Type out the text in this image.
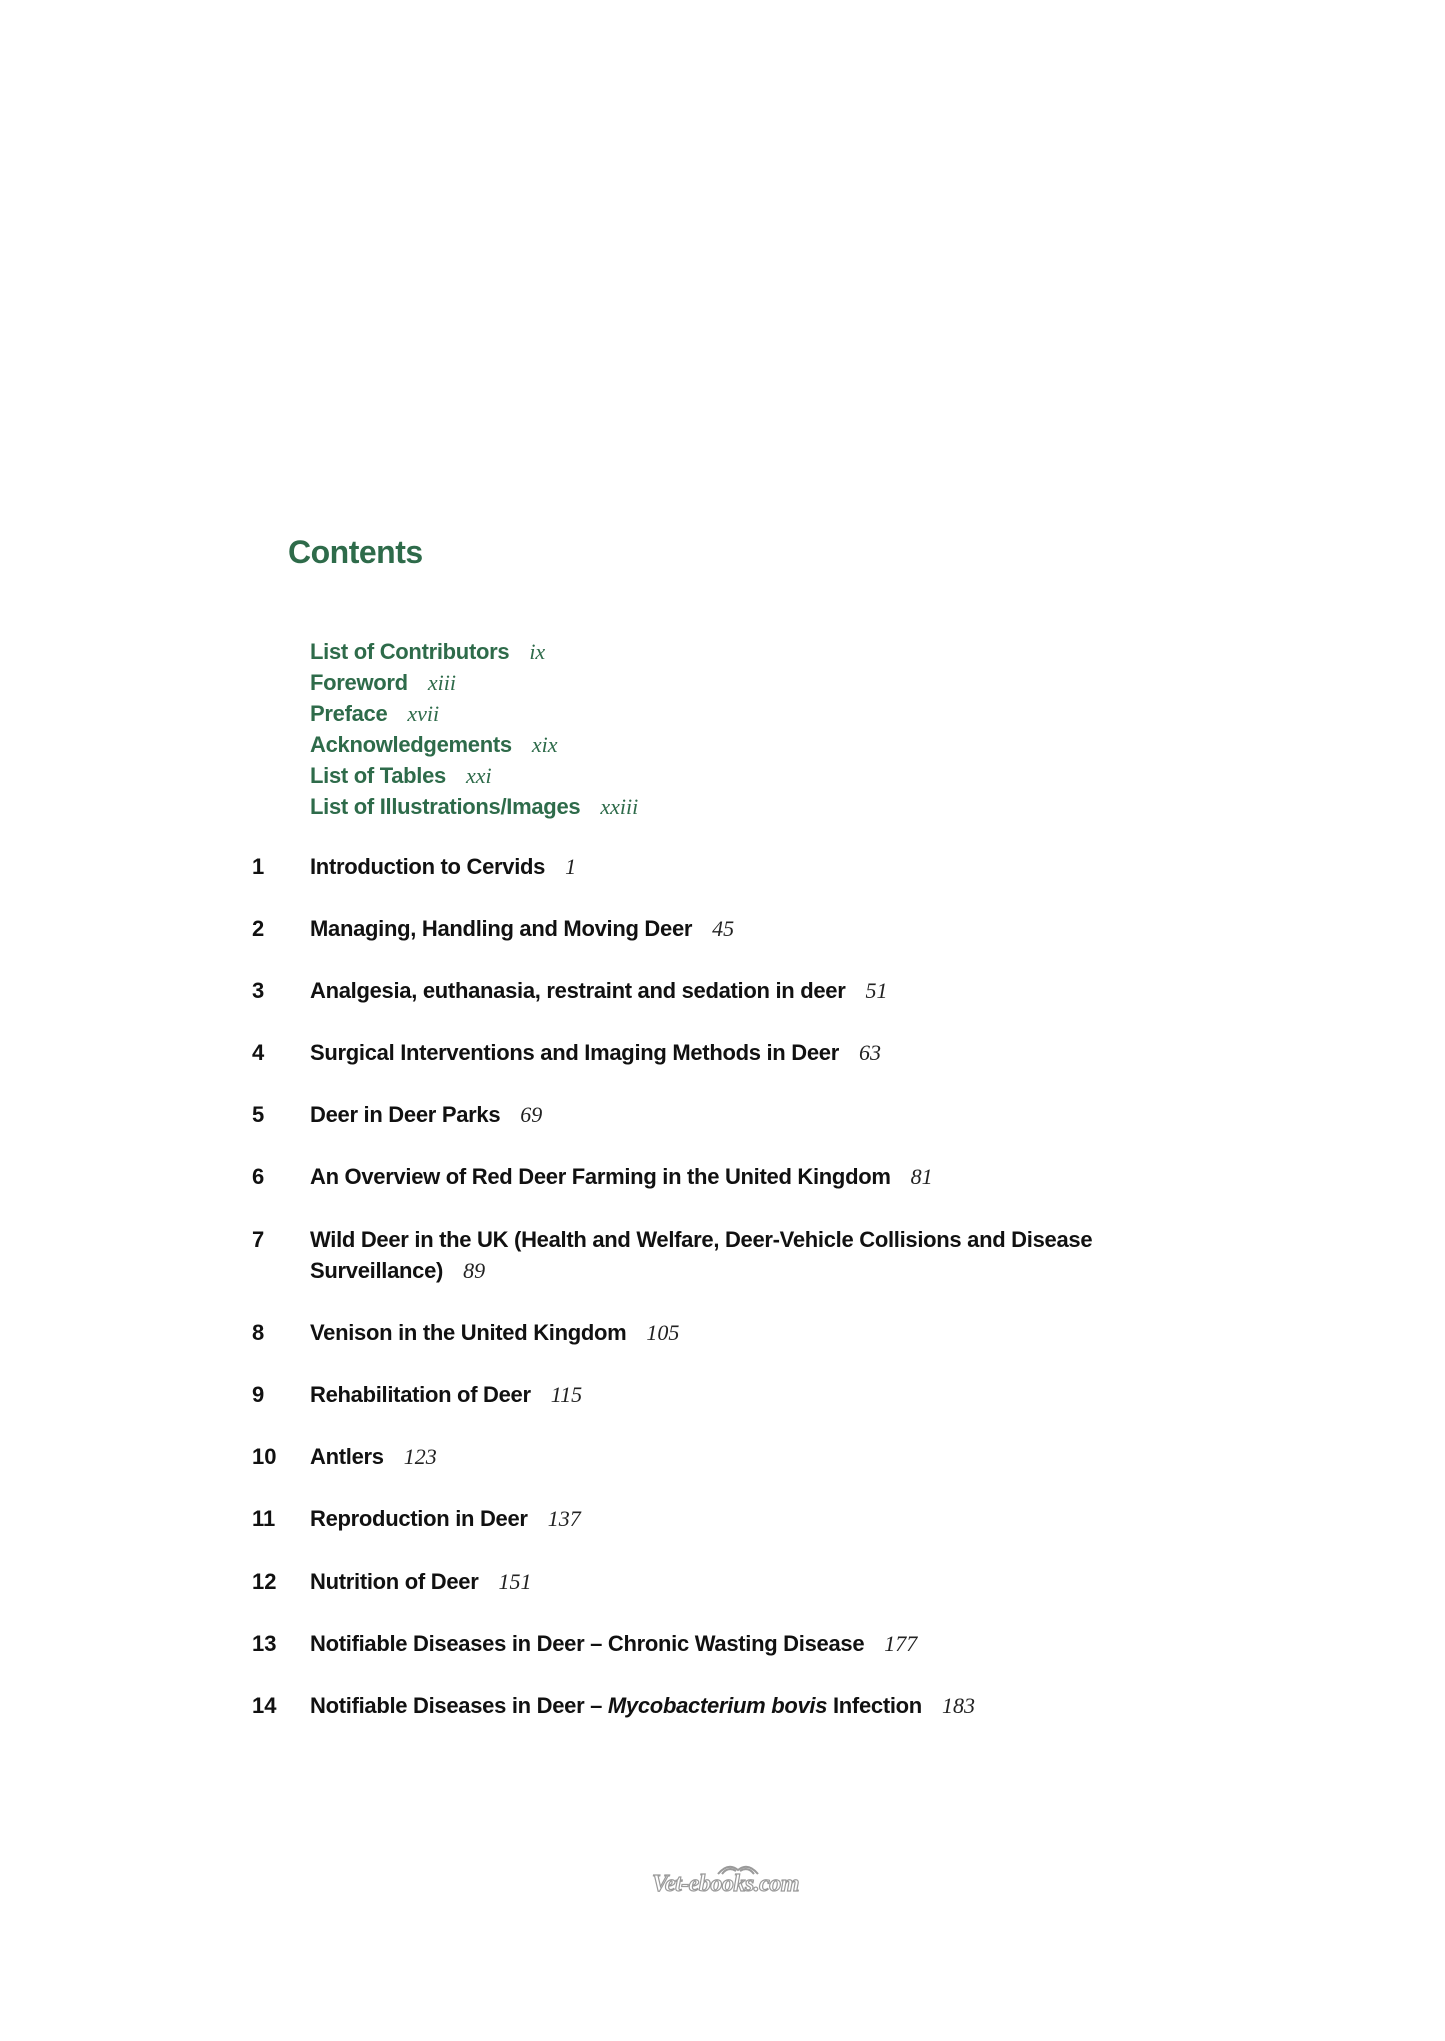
Contents
List of Contributors ix
Foreword xiii
Preface xvii
Acknowledgements xix
List of Tables xxi
List of Illustrations/Images xxiii
1 Introduction to Cervids 1
2 Managing, Handling and Moving Deer 45
3 Analgesia, euthanasia, restraint and sedation in deer 51
4 Surgical Interventions and Imaging Methods in Deer 63
5 Deer in Deer Parks 69
6 An Overview of Red Deer Farming in the United Kingdom 81
7 Wild Deer in the UK (Health and Welfare, Deer-Vehicle Collisions and Disease Surveillance) 89
8 Venison in the United Kingdom 105
9 Rehabilitation of Deer 115
10 Antlers 123
11 Reproduction in Deer 137
12 Nutrition of Deer 151
13 Notifiable Diseases in Deer – Chronic Wasting Disease 177
14 Notifiable Diseases in Deer – Mycobacterium bovis Infection 183
Vet-ebooks.com
